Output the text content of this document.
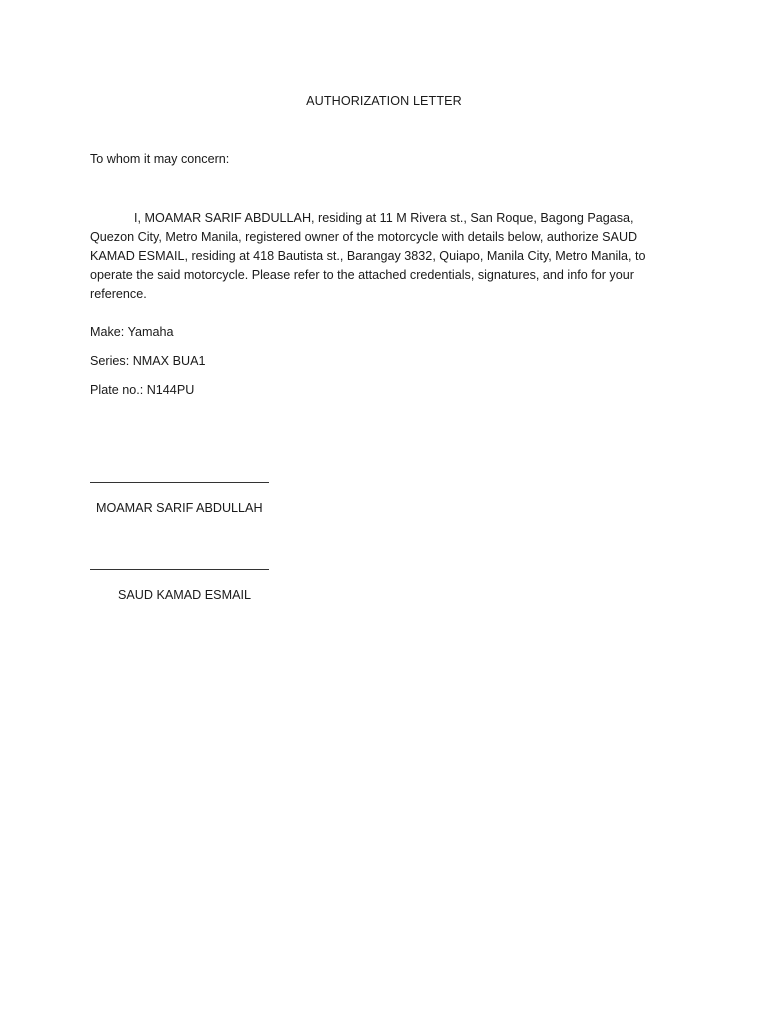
AUTHORIZATION LETTER
To whom it may concern:
I, MOAMAR SARIF ABDULLAH, residing at 11 M Rivera st., San Roque, Bagong Pagasa, Quezon City, Metro Manila, registered owner of the motorcycle with details below, authorize SAUD KAMAD ESMAIL, residing at 418 Bautista st., Barangay 3832, Quiapo, Manila City, Metro Manila, to operate the said motorcycle. Please refer to the attached credentials, signatures, and info for your reference.
Make: Yamaha
Series: NMAX BUA1
Plate no.: N144PU
MOAMAR SARIF ABDULLAH
SAUD KAMAD ESMAIL
